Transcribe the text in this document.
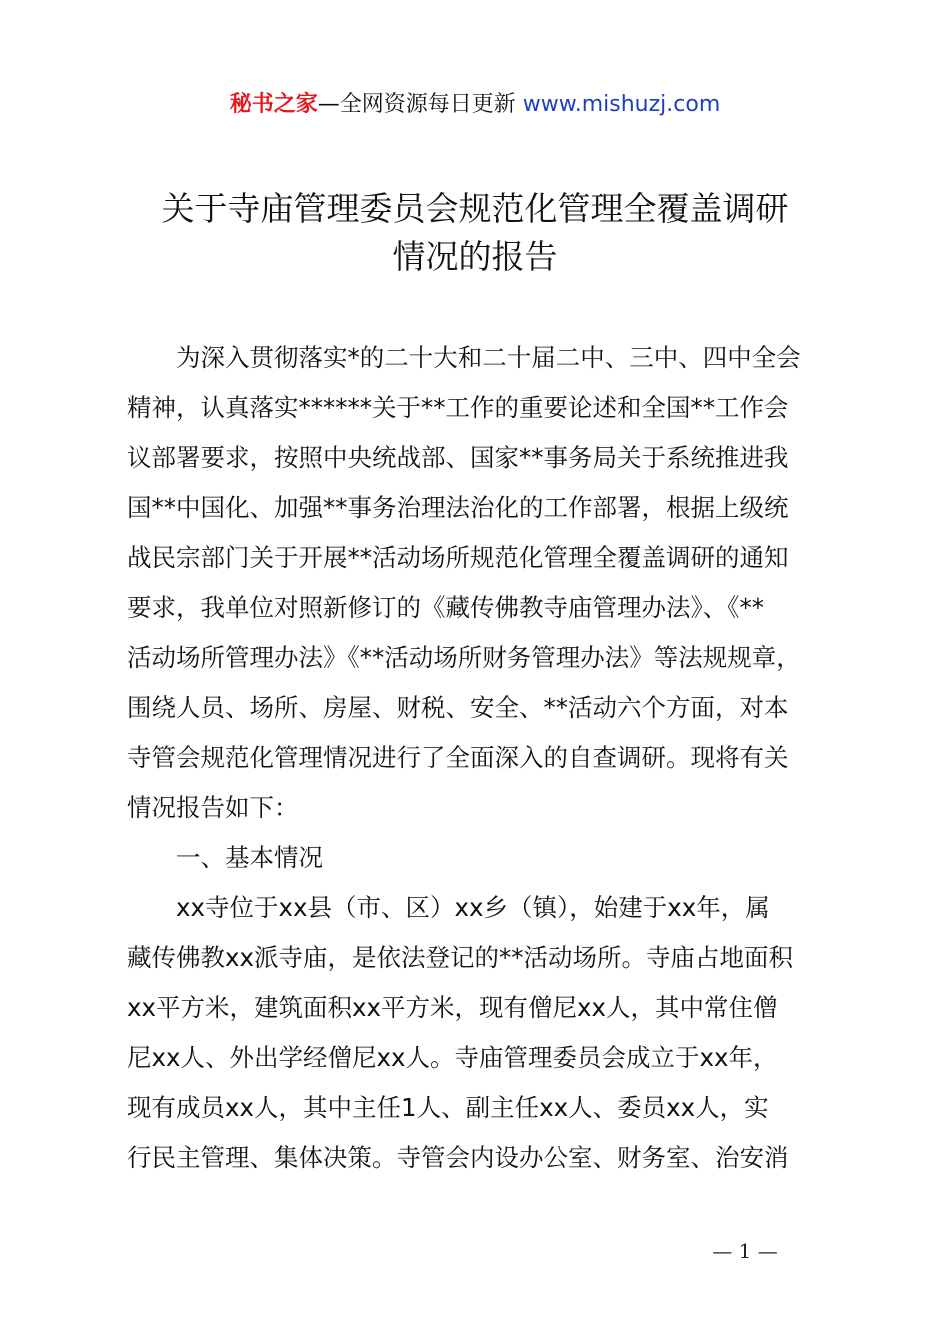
秘书之家—全网资源每日更新 www.mishuzj.com
关于寺庙管理委员会规范化管理全覆盖调研
情况的报告
　　为深入贯彻落实*的二十大和二十届二中、三中、四中全会
精神，认真落实******关于**工作的重要论述和全国**工作会
议部署要求，按照中央统战部、国家**事务局关于系统推进我
国**中国化、加强**事务治理法治化的工作部署，根据上级统
战民宗部门关于开展**活动场所规范化管理全覆盖调研的通知
要求，我单位对照新修订的《藏传佛教寺庙管理办法》、《**
活动场所管理办法》《**活动场所财务管理办法》等法规规章，
围绕人员、场所、房屋、财税、安全、**活动六个方面，对本
寺管会规范化管理情况进行了全面深入的自查调研。现将有关
情况报告如下：
　　一、基本情况
　　xx寺位于xx县（市、区）xx乡（镇），始建于xx年，属
藏传佛教xx派寺庙，是依法登记的**活动场所。寺庙占地面积
xx平方米，建筑面积xx平方米，现有僧尼xx人，其中常住僧
尼xx人、外出学经僧尼xx人。寺庙管理委员会成立于xx年，
现有成员xx人，其中主任1人、副主任xx人、委员xx人，实
行民主管理、集体决策。寺管会内设办公室、财务室、治安消
— 1 —
